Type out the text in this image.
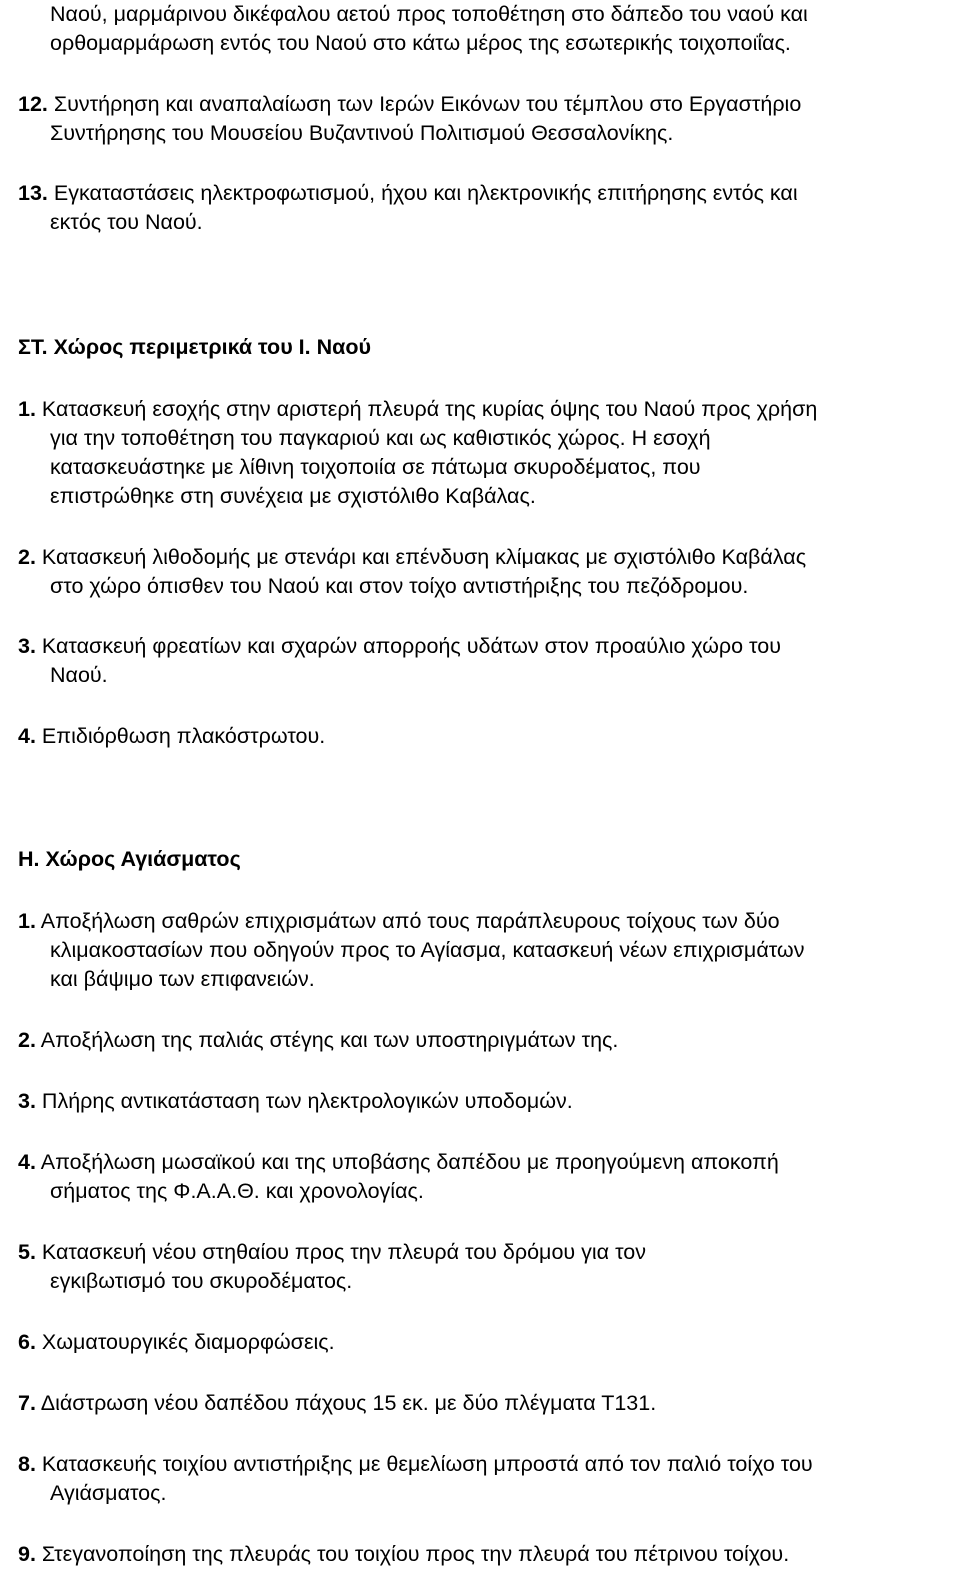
Ναού, μαρμάρινου δικέφαλου αετού προς τοποθέτηση στο δάπεδο του ναού και
ορθομαρμάρωση εντός του Ναού στο κάτω μέρος της εσωτερικής τοιχοποιΐας.
12. Συντήρηση και αναπαλαίωση των Ιερών Εικόνων του τέμπλου στο Εργαστήριο
Συντήρησης του Μουσείου Βυζαντινού Πολιτισμού Θεσσαλονίκης.
13. Εγκαταστάσεις ηλεκτροφωτισμού, ήχου και ηλεκτρονικής επιτήρησης εντός και
εκτός του Ναού.
ΣΤ. Χώρος περιμετρικά του Ι. Ναού
1. Κατασκευή εσοχής στην αριστερή πλευρά της κυρίας όψης του Ναού προς χρήση
για την τοποθέτηση του παγκαριού και ως καθιστικός χώρος. Η εσοχή
κατασκευάστηκε με λίθινη τοιχοποιία σε πάτωμα σκυροδέματος, που
επιστρώθηκε στη συνέχεια με σχιστόλιθο Καβάλας.
2. Κατασκευή λιθοδομής με στενάρι και επένδυση κλίμακας με σχιστόλιθο Καβάλας
στο χώρο όπισθεν του Ναού και στον τοίχο αντιστήριξης του πεζόδρομου.
3. Κατασκευή φρεατίων και σχαρών απορροής υδάτων στον προαύλιο χώρο του
Ναού.
4. Επιδιόρθωση πλακόστρωτου.
Η. Χώρος Αγιάσματος
1. Αποξήλωση σαθρών επιχρισμάτων από τους παράπλευρους τοίχους των δύο
κλιμακοστασίων που οδηγούν προς το Αγίασμα, κατασκευή νέων επιχρισμάτων
και βάψιμο των επιφανειών.
2. Αποξήλωση της παλιάς στέγης και των υποστηριγμάτων της.
3. Πλήρης αντικατάσταση των ηλεκτρολογικών υποδομών.
4. Αποξήλωση μωσαϊκού και της υποβάσης δαπέδου με προηγούμενη αποκοπή
σήματος της Φ.Α.Α.Θ. και χρονολογίας.
5. Κατασκευή νέου στηθαίου προς την πλευρά του δρόμου για τον
εγκιβωτισμό του σκυροδέματος.
6. Χωματουργικές διαμορφώσεις.
7. Διάστρωση νέου δαπέδου πάχους 15 εκ. με δύο πλέγματα Τ131.
8. Κατασκευής τοιχίου αντιστήριξης με θεμελίωση μπροστά από τον παλιό τοίχο του
Αγιάσματος.
9. Στεγανοποίηση της πλευράς του τοιχίου προς την πλευρά του πέτρινου τοίχου.
